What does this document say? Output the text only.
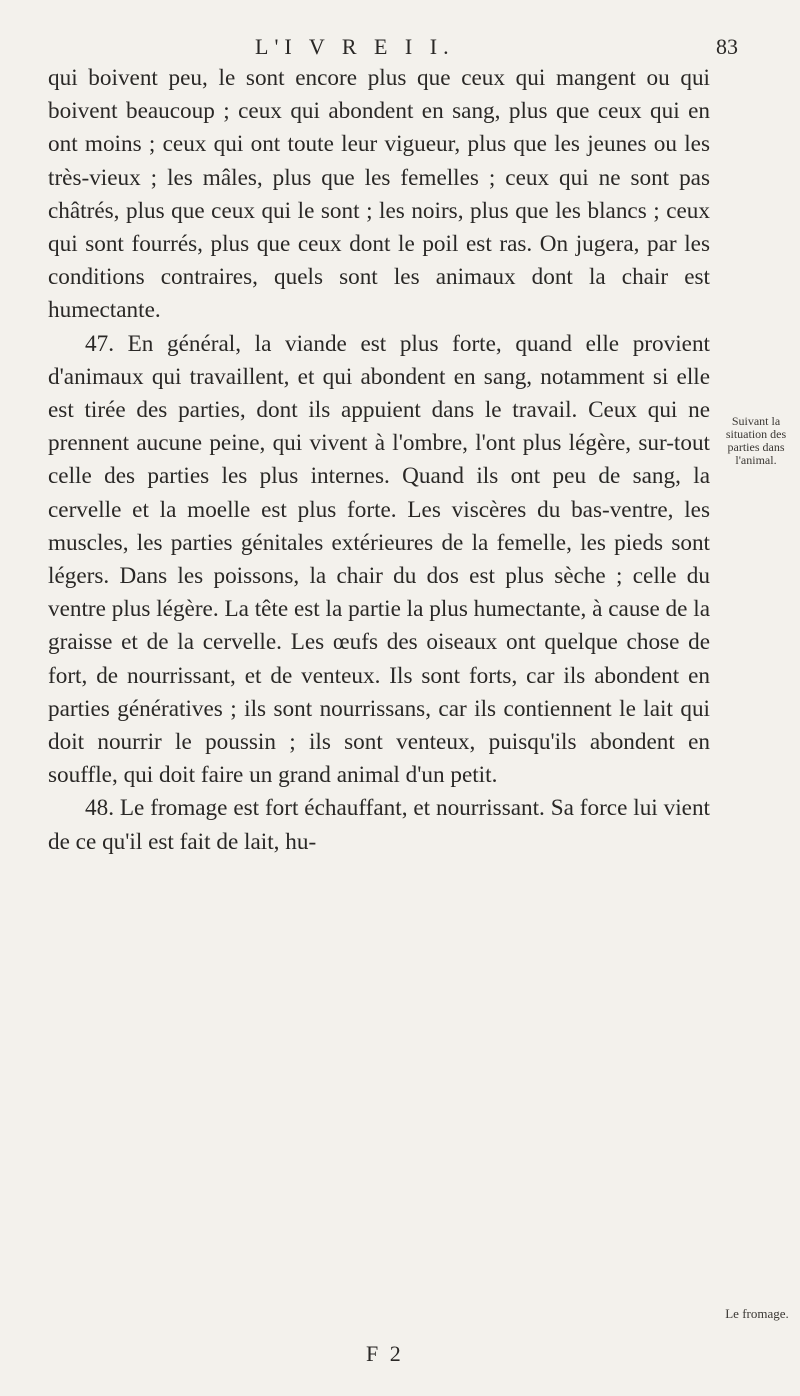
L'I V R E I I.	83

qui boivent peu, le sont encore plus que ceux qui mangent ou qui boivent beaucoup ; ceux qui abondent en sang, plus que ceux qui en ont moins ; ceux qui ont toute leur vigueur, plus que les jeunes ou les très-vieux ; les mâles, plus que les femelles ; ceux qui ne sont pas châtrés, plus que ceux qui le sont ; les noirs, plus que les blancs ; ceux qui sont fourrés, plus que ceux dont le poil est ras. On jugera, par les conditions contraires, quels sont les animaux dont la chair est humectante.

47. En général, la viande est plus forte, quand elle provient d'animaux qui travaillent, et qui abondent en sang, notamment si elle est tirée des parties, dont ils appuient dans le travail. Ceux qui ne prennent aucune peine, qui vivent à l'ombre, l'ont plus légère, sur-tout celle des parties les plus internes. Quand ils ont peu de sang, la cervelle et la moelle est plus forte. Les viscères du bas-ventre, les muscles, les parties génitales extérieures de la femelle, les pieds sont légers. Dans les poissons, la chair du dos est plus sèche ; celle du ventre plus légère. La tête est la partie la plus humectante, à cause de la graisse et de la cervelle. Les œufs des oiseaux ont quelque chose de fort, de nourrissant, et de venteux. Ils sont forts, car ils abondent en parties génératives ; ils sont nourrissans, car ils contiennent le lait qui doit nourrir le poussin ; ils sont venteux, puisqu'ils abondent en souffle, qui doit faire un grand animal d'un petit.

48. Le fromage est fort échauffant, et nourrissant. Sa force lui vient de ce qu'il est fait de lait, hu-

Suivant la situation des parties dans l'animal.
Le fromage.
F 2
